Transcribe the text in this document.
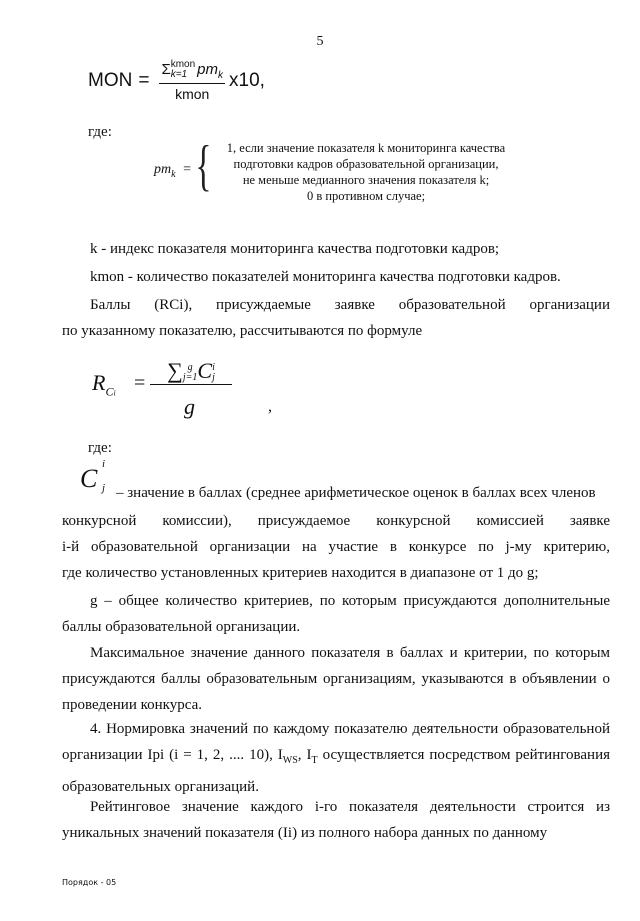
5
MON = Σ kmon
k=1 $pm_k$
kmon x10,
где:
$pm_k$ = {	1, если значение показателя k мониторинга качества
подготовки кадров образовательной организации,
не меньше медианного значения показателя k;
0 в противном случае;
k - индекс показателя мониторинга качества подготовки кадров;
kmon - количество показателей мониторинга качества подготовки кадров.
Баллы (RCi), присуждаемые заявке образовательной организации
по указанному показателю, рассчитываются по формуле
$R_{Ci}$ = ∑ g
j=1 C i
j
g	,
где:
C i
j – значение в баллах (среднее арифметическое оценок в баллах всех членов
конкурсной комиссии), присуждаемое конкурсной комиссией заявке
i-й образовательной организации на участие в конкурсе по j-му критерию,
где количество установленных критериев находится в диапазоне от 1 до g;
g – общее количество критериев, по которым присуждаются дополнительные баллы образовательной организации.
Максимальное значение данного показателя в баллах и критерии, по которым присуждаются баллы образовательным организациям, указываются в объявлении о проведении конкурса.
4. Нормировка значений по каждому показателю деятельности образовательной организации Ipi (i = 1, 2, .... 10), $I_{WS}$, $I_T$ осуществляется посредством рейтингования образовательных организаций.
Рейтинговое значение каждого i-го показателя деятельности строится из уникальных значений показателя (Ii) из полного набора данных по данному
Порядок - 05
